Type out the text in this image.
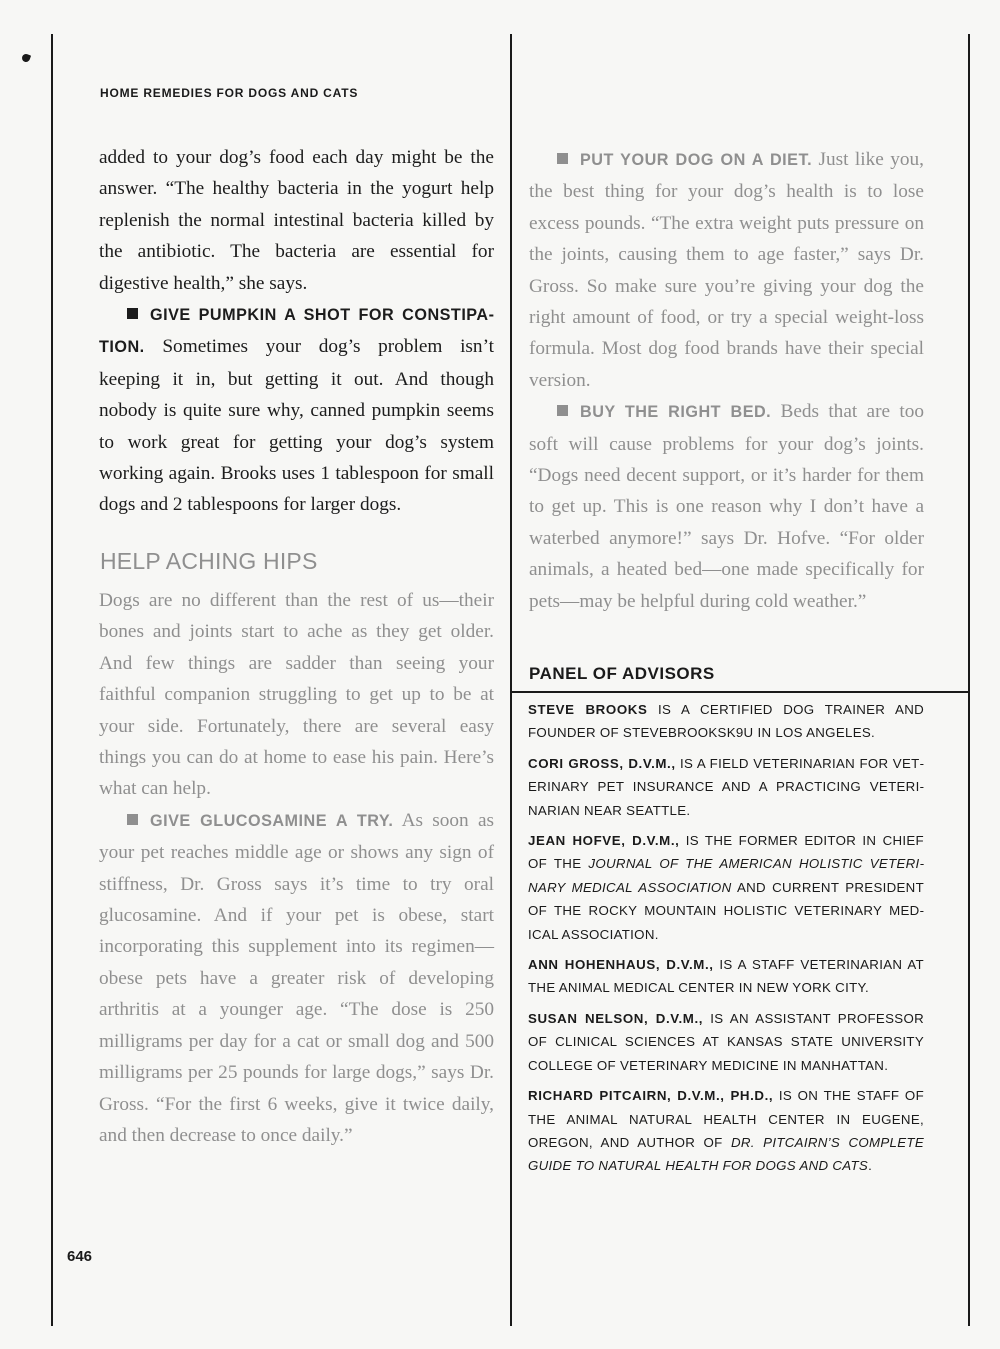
HOME REMEDIES FOR DOGS AND CATS

added to your dog’s food each day might be the answer. “The healthy bacteria in the yogurt help replenish the normal intestinal bacteria killed by the antibiotic. The bacteria are essential for digestive health,” she says.

GIVE PUMPKIN A SHOT FOR CONSTIPATION. Sometimes your dog’s problem isn’t keeping it in, but getting it out. And though nobody is quite sure why, canned pumpkin seems to work great for getting your dog’s system working again. Brooks uses 1 tablespoon for small dogs and 2 tablespoons for larger dogs.

HELP ACHING HIPS

Dogs are no different than the rest of us—their bones and joints start to ache as they get older. And few things are sadder than seeing your faithful companion struggling to get up to be at your side. Fortunately, there are several easy things you can do at home to ease his pain. Here’s what can help.

GIVE GLUCOSAMINE A TRY. As soon as your pet reaches middle age or shows any sign of stiffness, Dr. Gross says it’s time to try oral glucosamine. And if your pet is obese, start incorporating this supplement into its regimen—obese pets have a greater risk of developing arthritis at a younger age. “The dose is 250 milligrams per day for a cat or small dog and 500 milligrams per 25 pounds for large dogs,” says Dr. Gross. “For the first 6 weeks, give it twice daily, and then decrease to once daily.”

PUT YOUR DOG ON A DIET. Just like you, the best thing for your dog’s health is to lose excess pounds. “The extra weight puts pressure on the joints, causing them to age faster,” says Dr. Gross. So make sure you’re giving your dog the right amount of food, or try a special weight-loss formula. Most dog food brands have their special version.

BUY THE RIGHT BED. Beds that are too soft will cause problems for your dog’s joints. “Dogs need decent support, or it’s harder for them to get up. This is one reason why I don’t have a waterbed anymore!” says Dr. Hofve. “For older animals, a heated bed—one made specifically for pets—may be helpful during cold weather.”

PANEL OF ADVISORS

STEVE BROOKS IS A CERTIFIED DOG TRAINER AND FOUNDER OF STEVEBROOKSK9U IN LOS ANGELES.

CORI GROSS, D.V.M., IS A FIELD VETERINARIAN FOR VETERINARY PET INSURANCE AND A PRACTICING VETERINARIAN NEAR SEATTLE.

JEAN HOFVE, D.V.M., IS THE FORMER EDITOR IN CHIEF OF THE JOURNAL OF THE AMERICAN HOLISTIC VETERINARY MEDICAL ASSOCIATION AND CURRENT PRESIDENT OF THE ROCKY MOUNTAIN HOLISTIC VETERINARY MEDICAL ASSOCIATION.

ANN HOHENHAUS, D.V.M., IS A STAFF VETERINARIAN AT THE ANIMAL MEDICAL CENTER IN NEW YORK CITY.

SUSAN NELSON, D.V.M., IS AN ASSISTANT PROFESSOR OF CLINICAL SCIENCES AT KANSAS STATE UNIVERSITY COLLEGE OF VETERINARY MEDICINE IN MANHATTAN.

RICHARD PITCAIRN, D.V.M., PH.D., IS ON THE STAFF OF THE ANIMAL NATURAL HEALTH CENTER IN EUGENE, OREGON, AND AUTHOR OF DR. PITCAIRN’S COMPLETE GUIDE TO NATURAL HEALTH FOR DOGS AND CATS.

646
